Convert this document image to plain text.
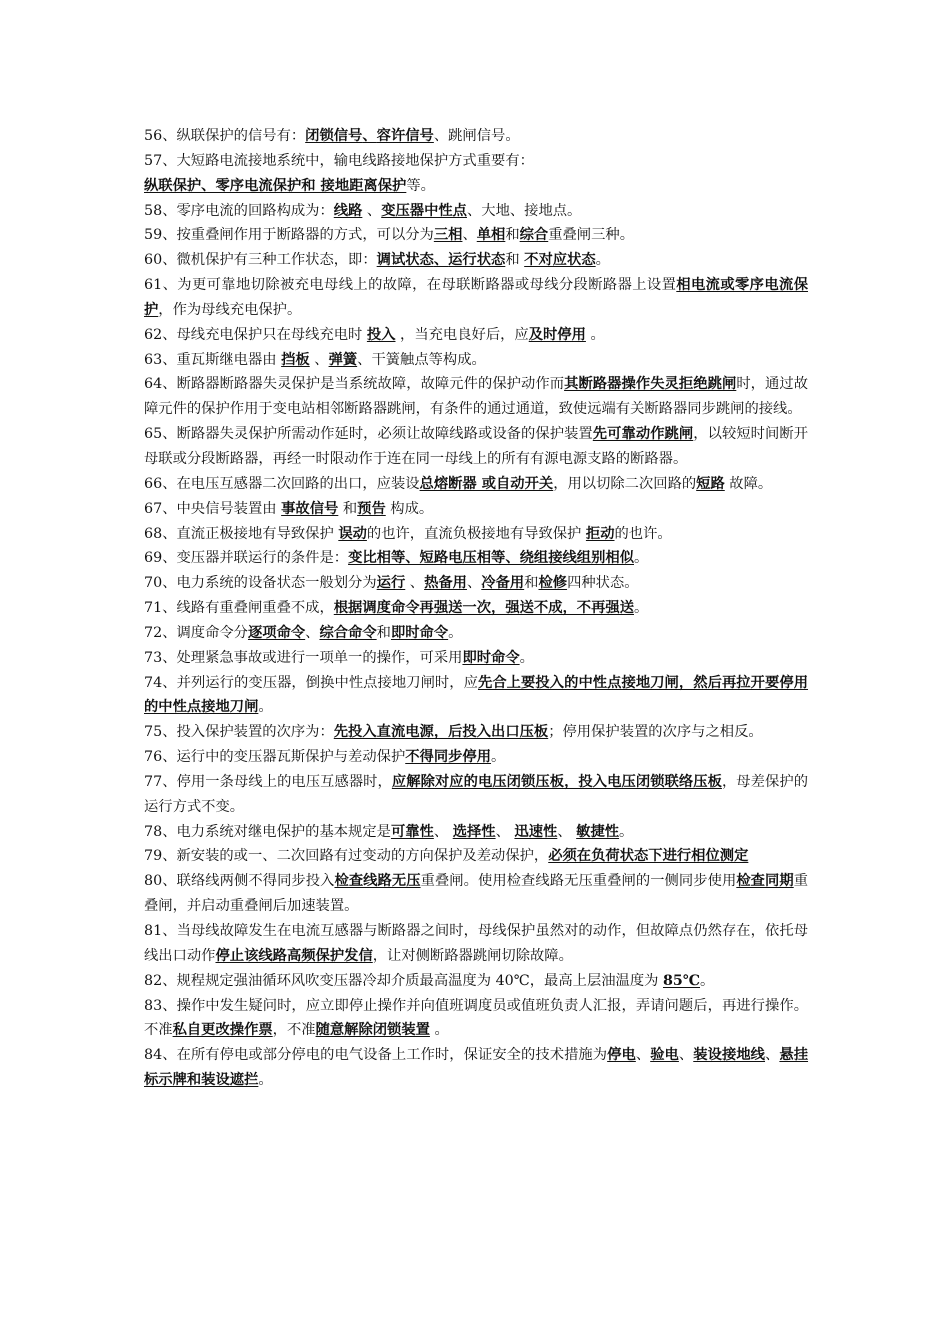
56、纵联保护的信号有：闭锁信号、容许信号、跳闸信号。

57、大短路电流接地系统中，输电线路接地保护方式重要有：
纵联保护、零序电流保护和 接地距离保护等。

58、零序电流的回路构成为：线路 、变压器中性点、大地、接地点。

59、按重叠闸作用于断路器的方式，可以分为三相、单相和综合重叠闸三种。

60、微机保护有三种工作状态，即：调试状态、运行状态和 不对应状态。

61、为更可靠地切除被充电母线上的故障，在母联断路器或母线分段断路器上设置相电流或零序电流保护，作为母线充电保护。

62、母线充电保护只在母线充电时 投入 ，当充电良好后，应及时停用 。

63、重瓦斯继电器由 挡板 、弹簧、干簧触点等构成。

64、断路器断路器失灵保护是当系统故障，故障元件的保护动作而其断路器操作失灵拒绝跳闸时，通过故障元件的保护作用于变电站相邻断路器跳闸，有条件的通过通道，致使远端有关断路器同步跳闸的接线。

65、断路器失灵保护所需动作延时，必须让故障线路或设备的保护装置先可靠动作跳闸，以较短时间断开母联或分段断路器，再经一时限动作于连在同一母线上的所有有源电源支路的断路器。

66、在电压互感器二次回路的出口，应装设总熔断器 或自动开关，用以切除二次回路的短路 故障。

67、中央信号装置由 事故信号 和预告 构成。

68、直流正极接地有导致保护 误动的也许，直流负极接地有导致保护 拒动的也许。

69、变压器并联运行的条件是：变比相等、短路电压相等、绕组接线组别相似。

70、电力系统的设备状态一般划分为运行 、热备用、冷备用和检修四种状态。

71、线路有重叠闸重叠不成，根据调度命令再强送一次，强送不成，不再强送。

72、调度命令分逐项命令、综合命令和即时命令。

73、处理紧急事故或进行一项单一的操作，可采用即时命令。

74、并列运行的变压器，倒换中性点接地刀闸时，应先合上要投入的中性点接地刀闸，然后再拉开要停用的中性点接地刀闸。

75、投入保护装置的次序为：先投入直流电源，后投入出口压板；停用保护装置的次序与之相反。

76、运行中的变压器瓦斯保护与差动保护不得同步停用。

77、停用一条母线上的电压互感器时，应解除对应的电压闭锁压板，投入电压闭锁联络压板，母差保护的运行方式不变。

78、电力系统对继电保护的基本规定是可靠性、 选择性、 迅速性、 敏捷性。

79、新安装的或一、二次回路有过变动的方向保护及差动保护，必须在负荷状态下进行相位测定

80、联络线两侧不得同步投入检查线路无压重叠闸。使用检查线路无压重叠闸的一侧同步使用检查同期重叠闸，并启动重叠闸后加速装置。

81、当母线故障发生在电流互感器与断路器之间时，母线保护虽然对的动作，但故障点仍然存在，依托母线出口动作停止该线路高频保护发信，让对侧断路器跳闸切除故障。

82、规程规定强油循环风吹变压器冷却介质最高温度为 40℃，最高上层油温度为 85℃。

83、操作中发生疑问时，应立即停止操作并向值班调度员或值班负责人汇报，弄请问题后，再进行操作。不准私自更改操作票，不准随意解除闭锁装置 。

84、在所有停电或部分停电的电气设备上工作时，保证安全的技术措施为停电、验电、装设接地线、悬挂标示牌和装设遮拦。
